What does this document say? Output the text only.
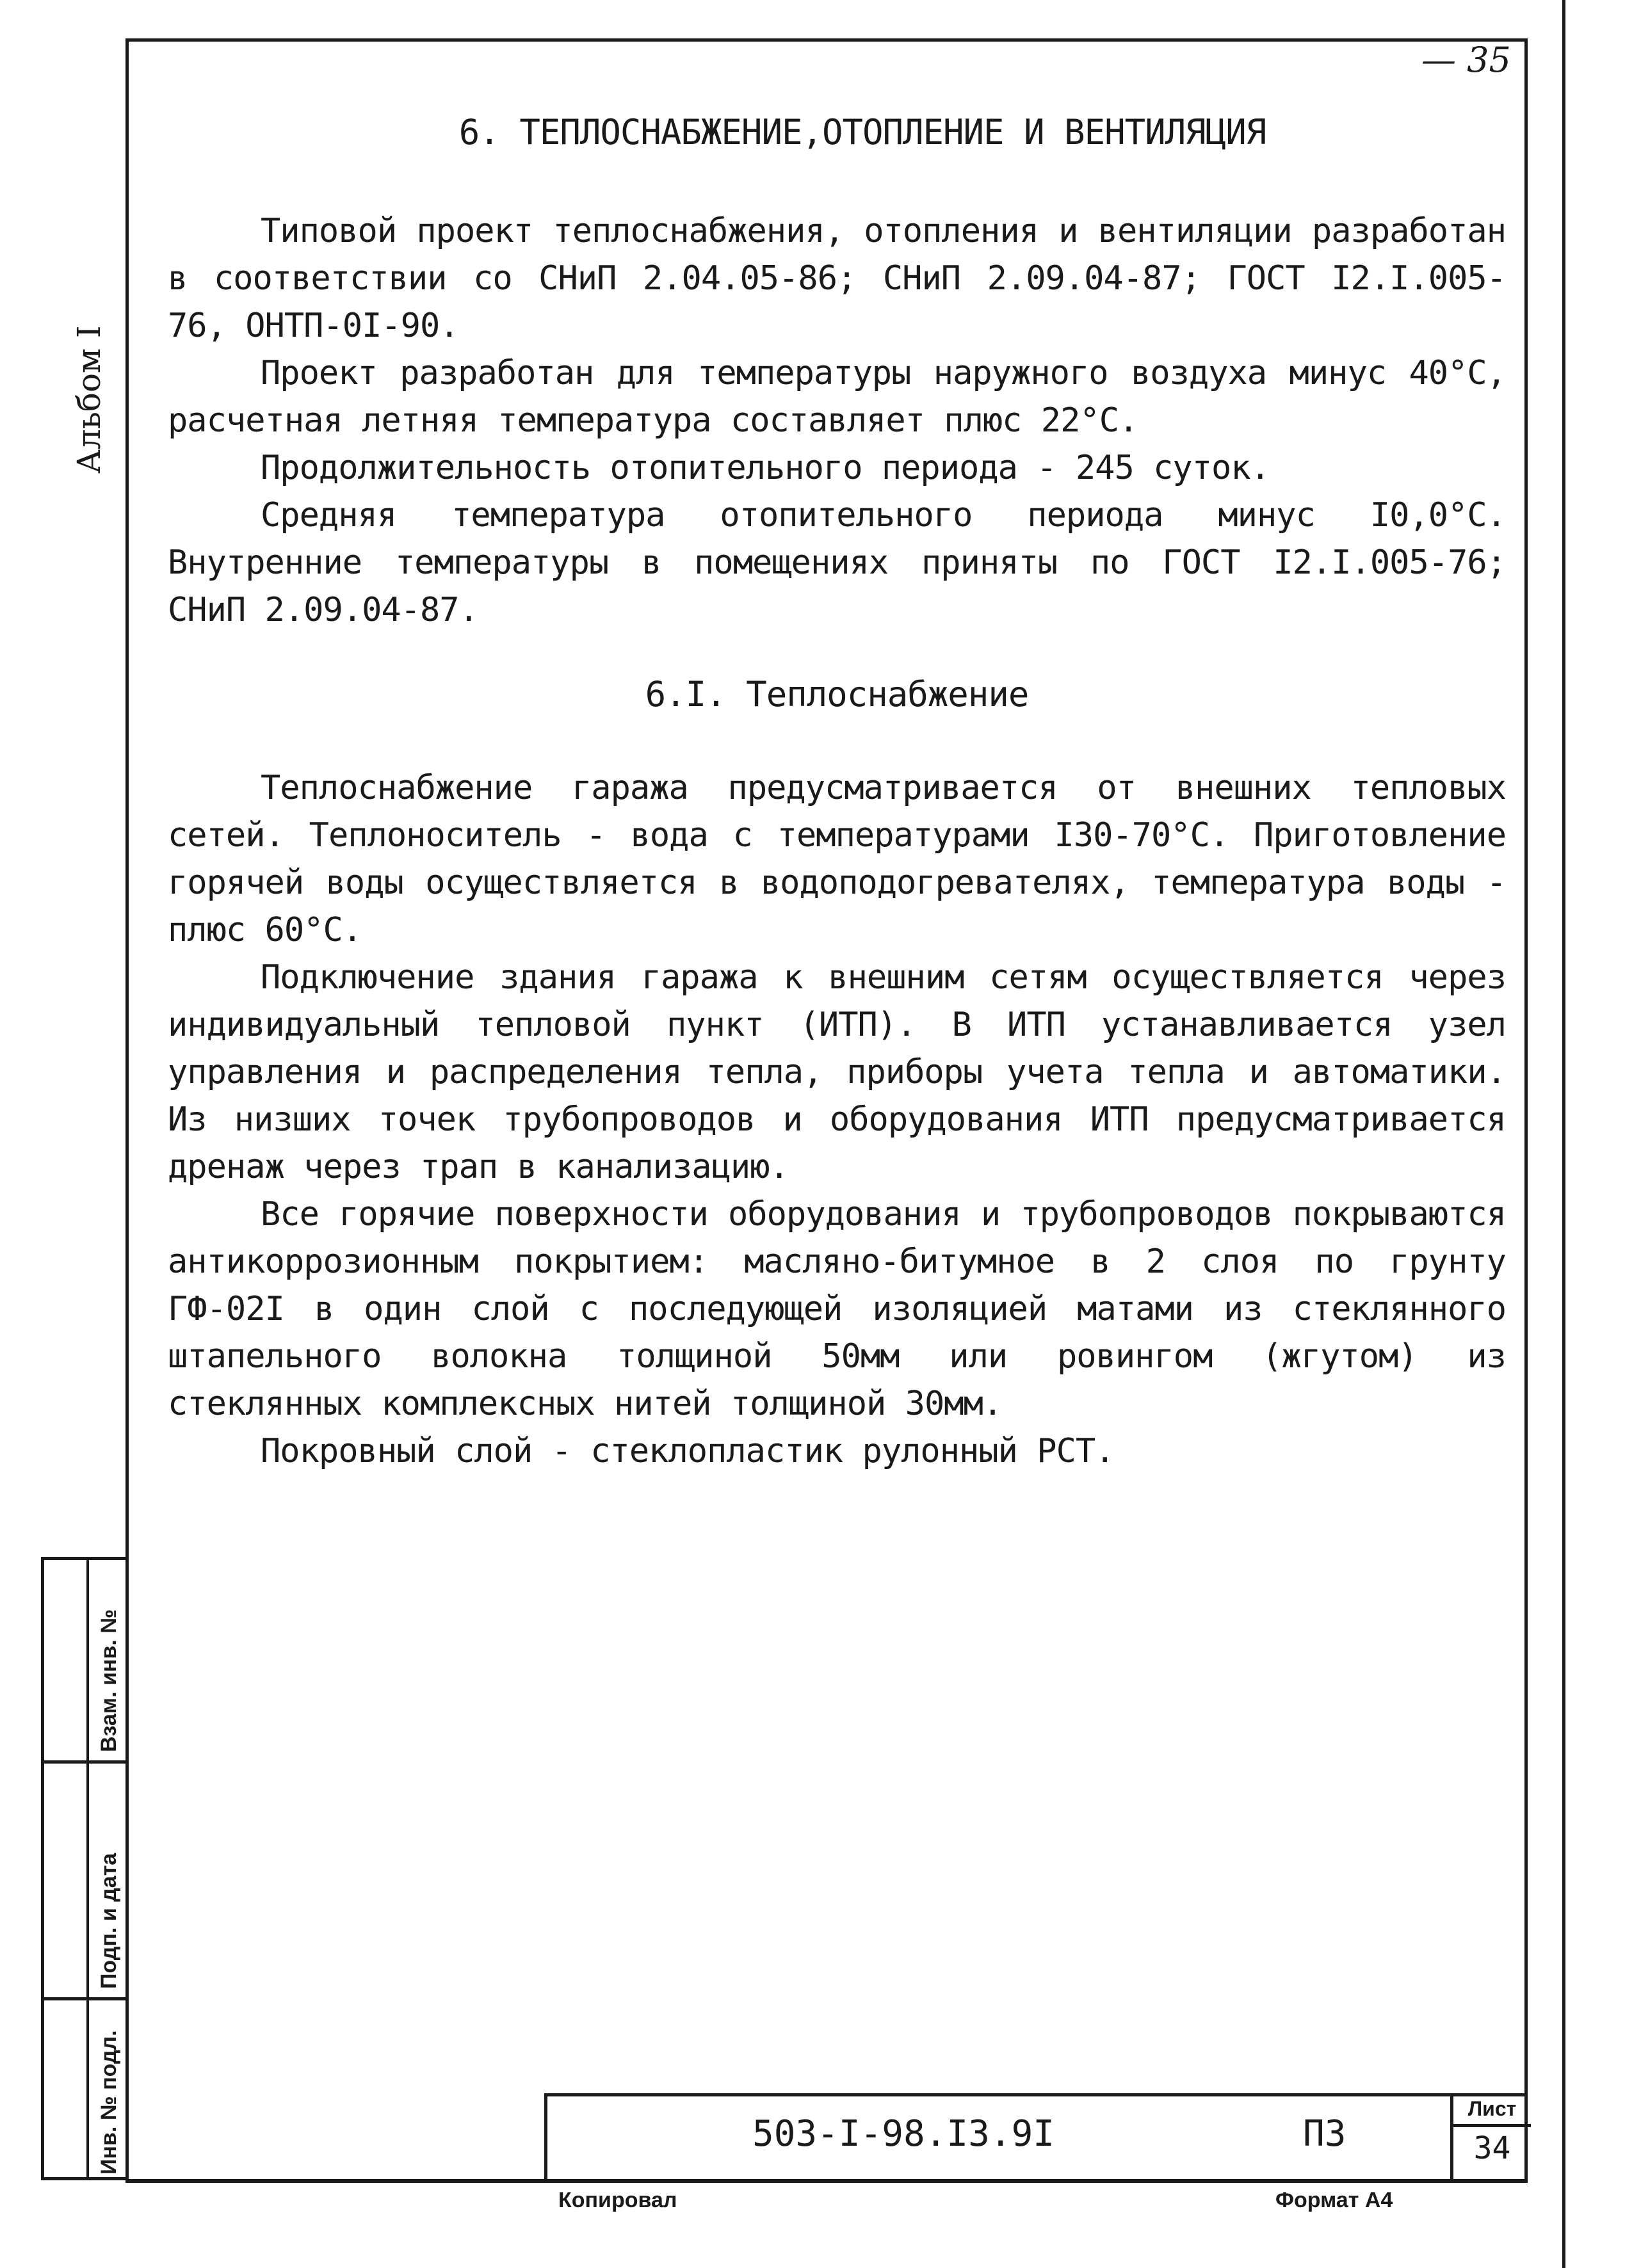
— 35
Альбом I
6. ТЕПЛОСНАБЖЕНИЕ,ОТОПЛЕНИЕ И ВЕНТИЛЯЦИЯ

Типовой проект теплоснабжения, отопления и вентиляции разработан в соответствии со СНиП 2.04.05-86; СНиП 2.09.04-87; ГОСТ I2.I.005-76, ОНТП-0I-90.

Проект разработан для температуры наружного воздуха минус 40°С, расчетная летняя температура составляет плюс 22°С.

Продолжительность отопительного периода - 245 суток.

Средняя температура отопительного периода минус I0,0°С. Внутренние температуры в помещениях приняты по ГОСТ I2.I.005-76; СНиП 2.09.04-87.

6.I. Теплоснабжение

Теплоснабжение гаража предусматривается от внешних тепловых сетей. Теплоноситель - вода с температурами I30-70°С. Приготовление горячей воды осуществляется в водоподогревателях, температура воды - плюс 60°С.

Подключение здания гаража к внешним сетям осуществляется через индивидуальный тепловой пункт (ИТП). В ИТП устанавливается узел управления и распределения тепла, приборы учета тепла и автоматики. Из низших точек трубопроводов и оборудования ИТП предусматривается дренаж через трап в канализацию.

Все горячие поверхности оборудования и трубопроводов покрываются антикоррозионным покрытием: масляно-битумное в 2 слоя по грунту ГФ-02I в один слой с последующей изоляцией матами из стеклянного штапельного волокна толщиной 50мм или ровингом (жгутом) из стеклянных комплексных нитей толщиной 30мм.

Покровный слой - стеклопластик рулонный РСТ.

Взам. инв. №
Подп. и дата
Инв. № подл.	503-I-98.I3.9I	ПЗ
Лист
34
Копировал	Формат А4
